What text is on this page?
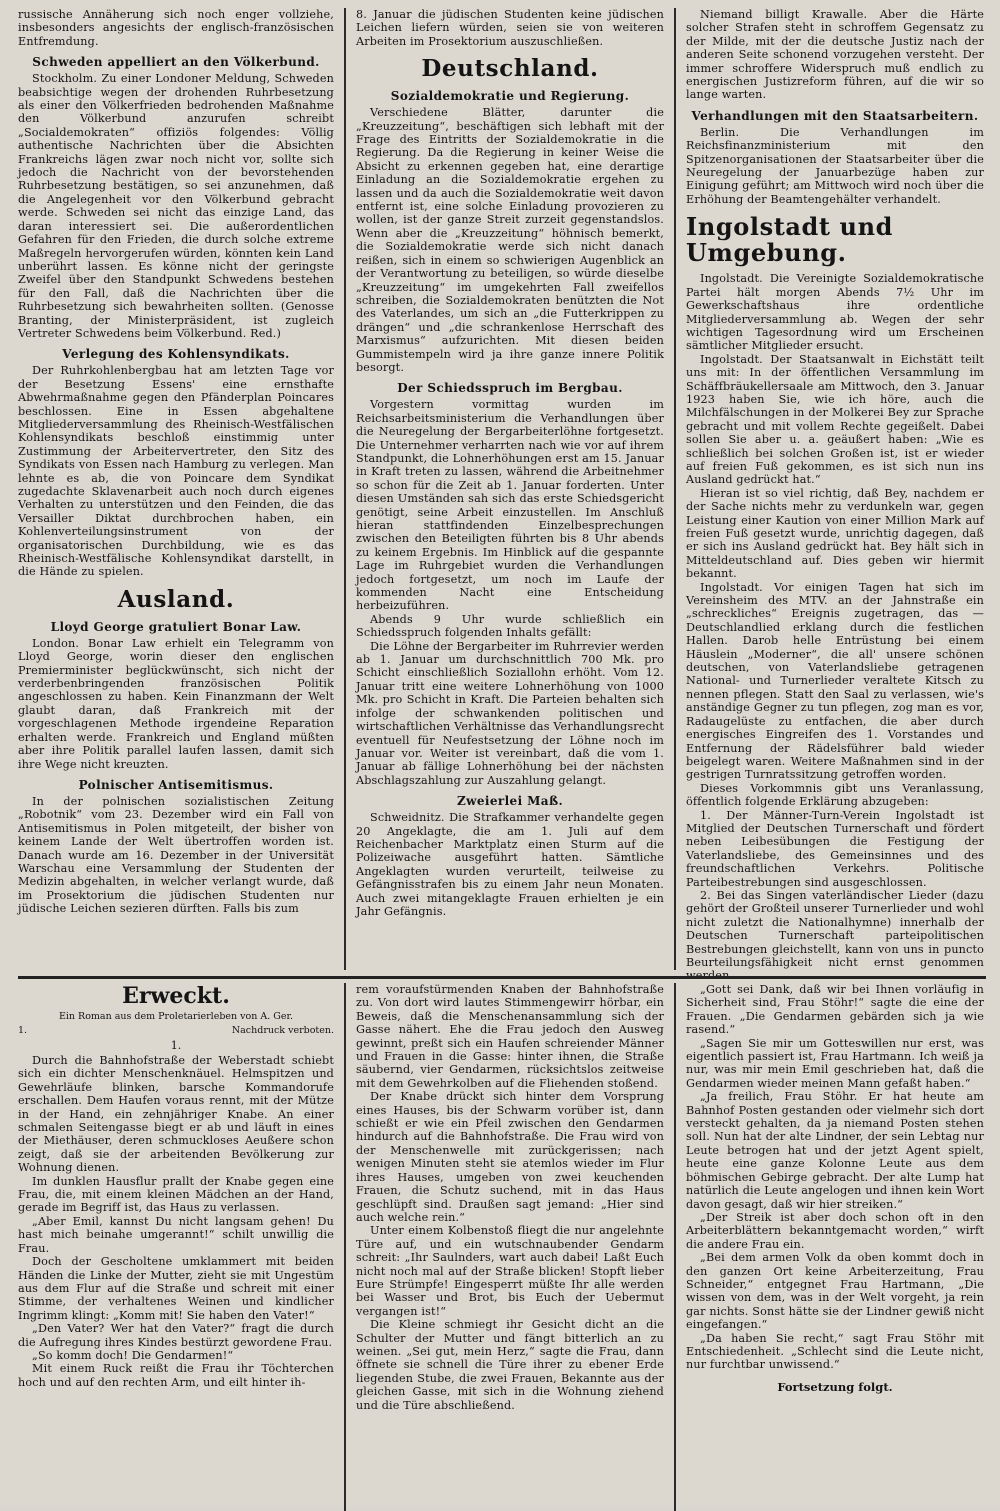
russische Annäherung sich noch enger vollziehe, insbesonders angesichts der englisch-französischen Entfremdung.

Schweden appelliert an den Völkerbund.

Stockholm. Zu einer Londoner Meldung, Schweden beabsichtige wegen der drohenden Ruhrbesetzung als einer den Völkerfrieden bedrohenden Maßnahme den Völkerbund anzurufen schreibt „Socialdemokraten“ offiziös folgendes: Völlig authentische Nachrichten über die Absichten Frankreichs lägen zwar noch nicht vor, sollte sich jedoch die Nachricht von der bevorstehenden Ruhrbesetzung bestätigen, so sei anzunehmen, daß die Angelegenheit vor den Völkerbund gebracht werde. Schweden sei nicht das einzige Land, das daran interessiert sei. Die außerordentlichen Gefahren für den Frieden, die durch solche extreme Maßregeln hervorgerufen würden, könnten kein Land unberührt lassen. Es könne nicht der geringste Zweifel über den Standpunkt Schwedens bestehen für den Fall, daß die Nachrichten über die Ruhrbesetzung sich bewahrheiten sollten. (Genosse Branting, der Ministerpräsident, ist zugleich Vertreter Schwedens beim Völkerbund. Red.)

Verlegung des Kohlensyndikats.

Der Ruhrkohlenbergbau hat am letzten Tage vor der Besetzung Essens' eine ernsthafte Abwehrmaßnahme gegen den Pfänderplan Poincares beschlossen. Eine in Essen abgehaltene Mitgliederversammlung des Rheinisch-Westfälischen Kohlensyndikats beschloß einstimmig unter Zustimmung der Arbeitervertreter, den Sitz des Syndikats von Essen nach Hamburg zu verlegen. Man lehnte es ab, die von Poincare dem Syndikat zugedachte Sklavenarbeit auch noch durch eigenes Verhalten zu unterstützen und den Feinden, die das Versailler Diktat durchbrochen haben, ein Kohlenverteilungsinstrument von der organisatorischen Durchbildung, wie es das Rheinisch-Westfälische Kohlensyndikat darstellt, in die Hände zu spielen.

Ausland.
Lloyd George gratuliert Bonar Law.

London. Bonar Law erhielt ein Telegramm von Lloyd George, worin dieser den englischen Premierminister beglückwünscht, sich nicht der verderbenbringenden französischen Politik angeschlossen zu haben. Kein Finanzmann der Welt glaubt daran, daß Frankreich mit der vorgeschlagenen Methode irgendeine Reparation erhalten werde. Frankreich und England müßten aber ihre Politik parallel laufen lassen, damit sich ihre Wege nicht kreuzten.

Polnischer Antisemitismus.

In der polnischen sozialistischen Zeitung „Robotnik“ vom 23. Dezember wird ein Fall von Antisemitismus in Polen mitgeteilt, der bisher von keinem Lande der Welt übertroffen worden ist. Danach wurde am 16. Dezember in der Universität Warschau eine Versammlung der Studenten der Medizin abgehalten, in welcher verlangt wurde, daß im Prosektorium die jüdischen Studenten nur jüdische Leichen sezieren dürften. Falls bis zum

8. Januar die jüdischen Studenten keine jüdischen Leichen liefern würden, seien sie von weiteren Arbeiten im Prosektorium auszuschließen.

Deutschland.
Sozialdemokratie und Regierung.

Verschiedene Blätter, darunter die „Kreuzzeitung“, beschäftigen sich lebhaft mit der Frage des Eintritts der Sozialdemokratie in die Regierung. Da die Regierung in keiner Weise die Absicht zu erkennen gegeben hat, eine derartige Einladung an die Sozialdemokratie ergehen zu lassen und da auch die Sozialdemokratie weit davon entfernt ist, eine solche Einladung provozieren zu wollen, ist der ganze Streit zurzeit gegenstandslos. Wenn aber die „Kreuzzeitung“ höhnisch bemerkt, die Sozialdemokratie werde sich nicht danach reißen, sich in einem so schwierigen Augenblick an der Verantwortung zu beteiligen, so würde dieselbe „Kreuzzeitung“ im umgekehrten Fall zweifellos schreiben, die Sozialdemokraten benützten die Not des Vaterlandes, um sich an „die Futterkrippen zu drängen“ und „die schrankenlose Herrschaft des Marxismus“ aufzurichten. Mit diesen beiden Gummistempeln wird ja ihre ganze innere Politik besorgt.

Der Schiedsspruch im Bergbau.

Vorgestern vormittag wurden im Reichsarbeitsministerium die Verhandlungen über die Neuregelung der Bergarbeiterlöhne fortgesetzt. Die Unternehmer verharrten nach wie vor auf ihrem Standpunkt, die Lohnerhöhungen erst am 15. Januar in Kraft treten zu lassen, während die Arbeitnehmer so schon für die Zeit ab 1. Januar forderten. Unter diesen Umständen sah sich das erste Schiedsgericht genötigt, seine Arbeit einzustellen. Im Anschluß hieran stattfindenden Einzelbesprechungen zwischen den Beteiligten führten bis 8 Uhr abends zu keinem Ergebnis. Im Hinblick auf die gespannte Lage im Ruhrgebiet wurden die Verhandlungen jedoch fortgesetzt, um noch im Laufe der kommenden Nacht eine Entscheidung herbeizuführen.

Abends 9 Uhr wurde schließlich ein Schiedsspruch folgenden Inhalts gefällt:

Die Löhne der Bergarbeiter im Ruhrrevier werden ab 1. Januar um durchschnittlich 700 Mk. pro Schicht einschließlich Soziallohn erhöht. Vom 12. Januar tritt eine weitere Lohnerhöhung von 1000 Mk. pro Schicht in Kraft. Die Parteien behalten sich infolge der schwankenden politischen und wirtschaftlichen Verhältnisse das Verhandlungsrecht eventuell für Neufestsetzung der Löhne noch im Januar vor. Weiter ist vereinbart, daß die vom 1. Januar ab fällige Lohnerhöhung bei der nächsten Abschlagszahlung zur Auszahlung gelangt.

Zweierlei Maß.

Schweidnitz. Die Strafkammer verhandelte gegen 20 Angeklagte, die am 1. Juli auf dem Reichenbacher Marktplatz einen Sturm auf die Polizeiwache ausgeführt hatten. Sämtliche Angeklagten wurden verurteilt, teilweise zu Gefängnisstrafen bis zu einem Jahr neun Monaten. Auch zwei mitangeklagte Frauen erhielten je ein Jahr Gefängnis.

Niemand billigt Krawalle. Aber die Härte solcher Strafen steht in schroffem Gegensatz zu der Milde, mit der die deutsche Justiz nach der anderen Seite schonend vorzugehen versteht. Der immer schroffere Widerspruch muß endlich zu energischen Justizreform führen, auf die wir so lange warten.

Verhandlungen mit den Staatsarbeitern.

Berlin. Die Verhandlungen im Reichsfinanzministerium mit den Spitzenorganisationen der Staatsarbeiter über die Neuregelung der Januarbezüge haben zur Einigung geführt; am Mittwoch wird noch über die Erhöhung der Beamtengehälter verhandelt.

Ingolstadt und Umgebung.

Ingolstadt. Die Vereinigte Sozialdemokratische Partei hält morgen Abends 7½ Uhr im Gewerkschaftshaus ihre ordentliche Mitgliederversammlung ab. Wegen der sehr wichtigen Tagesordnung wird um Erscheinen sämtlicher Mitglieder ersucht.

Ingolstadt. Der Staatsanwalt in Eichstätt teilt uns mit: In der öffentlichen Versammlung im Schäffbräukellersaale am Mittwoch, den 3. Januar 1923 haben Sie, wie ich höre, auch die Milchfälschungen in der Molkerei Bey zur Sprache gebracht und mit vollem Rechte gegeißelt. Dabei sollen Sie aber u. a. geäußert haben: „Wie es schließlich bei solchen Großen ist, ist er wieder auf freien Fuß gekommen, es ist sich nun ins Ausland gedrückt hat.“

Hieran ist so viel richtig, daß Bey, nachdem er der Sache nichts mehr zu verdunkeln war, gegen Leistung einer Kaution von einer Million Mark auf freien Fuß gesetzt wurde, unrichtig dagegen, daß er sich ins Ausland gedrückt hat. Bey hält sich in Mitteldeutschland auf. Dies geben wir hiermit bekannt.

Ingolstadt. Vor einigen Tagen hat sich im Vereinsheim des MTV. an der Jahnstraße ein „schreckliches“ Ereignis zugetragen, das — Deutschlandlied erklang durch die festlichen Hallen. Darob helle Entrüstung bei einem Häuslein „Moderner“, die all' unsere schönen deutschen, von Vaterlandsliebe getragenen National- und Turnerlieder veraltete Kitsch zu nennen pflegen. Statt den Saal zu verlassen, wie's anständige Gegner zu tun pflegen, zog man es vor, Radaugelüste zu entfachen, die aber durch energisches Eingreifen des 1. Vorstandes und Entfernung der Rädelsführer bald wieder beigelegt waren. Weitere Maßnahmen sind in der gestrigen Turnratssitzung getroffen worden.

Dieses Vorkommnis gibt uns Veranlassung, öffentlich folgende Erklärung abzugeben:

1. Der Männer-Turn-Verein Ingolstadt ist Mitglied der Deutschen Turnerschaft und fördert neben Leibesübungen die Festigung der Vaterlandsliebe, des Gemeinsinnes und des freundschaftlichen Verkehrs. Politische Parteibestrebungen sind ausgeschlossen.

2. Bei das Singen vaterländischer Lieder (dazu gehört der Großteil unserer Turnerlieder und wohl nicht zuletzt die Nationalhymne) innerhalb der Deutschen Turnerschaft parteipolitischen Bestrebungen gleichstellt, kann von uns in puncto Beurteilungsfähigkeit nicht ernst genommen werden.

Erweckt.
Ein Roman aus dem Proletarierleben von A. Ger.
1.	Nachdruck verboten.
1.

Durch die Bahnhofstraße der Weberstadt schiebt sich ein dichter Menschenknäuel. Helmspitzen und Gewehrläufe blinken, barsche Kommandorufe erschallen. Dem Haufen voraus rennt, mit der Mütze in der Hand, ein zehnjähriger Knabe. An einer schmalen Seitengasse biegt er ab und läuft in eines der Miethäuser, deren schmuckloses Aeußere schon zeigt, daß sie der arbeitenden Bevölkerung zur Wohnung dienen.

Im dunklen Hausflur prallt der Knabe gegen eine Frau, die, mit einem kleinen Mädchen an der Hand, gerade im Begriff ist, das Haus zu verlassen.

„Aber Emil, kannst Du nicht langsam gehen! Du hast mich beinahe umgerannt!“ schilt unwillig die Frau.

Doch der Gescholtene umklammert mit beiden Händen die Linke der Mutter, zieht sie mit Ungestüm aus dem Flur auf die Straße und schreit mit einer Stimme, der verhaltenes Weinen und kindlicher Ingrimm klingt: „Komm mit! Sie haben den Vater!“

„Den Vater? Wer hat den Vater?“ fragt die durch die Aufregung ihres Kindes bestürzt gewordene Frau.

„So komm doch! Die Gendarmen!“

Mit einem Ruck reißt die Frau ihr Töchterchen hoch und auf den rechten Arm, und eilt hinter ih-

rem voraufstürmenden Knaben der Bahnhofstraße zu. Von dort wird lautes Stimmengewirr hörbar, ein Beweis, daß die Menschenansammlung sich der Gasse nähert. Ehe die Frau jedoch den Ausweg gewinnt, preßt sich ein Haufen schreiender Männer und Frauen in die Gasse: hinter ihnen, die Straße säubernd, vier Gendarmen, rücksichtslos zeitweise mit dem Gewehrkolben auf die Fliehenden stoßend.

Der Knabe drückt sich hinter dem Vorsprung eines Hauses, bis der Schwarm vorüber ist, dann schießt er wie ein Pfeil zwischen den Gendarmen hindurch auf die Bahnhofstraße. Die Frau wird von der Menschenwelle mit zurückgerissen; nach wenigen Minuten steht sie atemlos wieder im Flur ihres Hauses, umgeben von zwei keuchenden Frauen, die Schutz suchend, mit in das Haus geschlüpft sind. Draußen sagt jemand: „Hier sind auch welche rein.“

Unter einem Kolbenstoß fliegt die nur angelehnte Türe auf, und ein wutschnaubender Gendarm schreit: „Ihr Saulnders, wart auch dabei! Laßt Euch nicht noch mal auf der Straße blicken! Stopft lieber Eure Strümpfe! Eingesperrt müßte Ihr alle werden bei Wasser und Brot, bis Euch der Uebermut vergangen ist!“

Die Kleine schmiegt ihr Gesicht dicht an die Schulter der Mutter und fängt bitterlich an zu weinen. „Sei gut, mein Herz,“ sagte die Frau, dann öffnete sie schnell die Türe ihrer zu ebener Erde liegenden Stube, die zwei Frauen, Bekannte aus der gleichen Gasse, mit sich in die Wohnung ziehend und die Türe abschließend.

„Gott sei Dank, daß wir bei Ihnen vorläufig in Sicherheit sind, Frau Stöhr!“ sagte die eine der Frauen. „Die Gendarmen gebärden sich ja wie rasend.“

„Sagen Sie mir um Gotteswillen nur erst, was eigentlich passiert ist, Frau Hartmann. Ich weiß ja nur, was mir mein Emil geschrieben hat, daß die Gendarmen wieder meinen Mann gefaßt haben.“

„Ja freilich, Frau Stöhr. Er hat heute am Bahnhof Posten gestanden oder vielmehr sich dort versteckt gehalten, da ja niemand Posten stehen soll. Nun hat der alte Lindner, der sein Lebtag nur Leute betrogen hat und der jetzt Agent spielt, heute eine ganze Kolonne Leute aus dem böhmischen Gebirge gebracht. Der alte Lump hat natürlich die Leute angelogen und ihnen kein Wort davon gesagt, daß wir hier streiken.“

„Der Streik ist aber doch schon oft in den Arbeiterblättern bekanntgemacht worden,“ wirft die andere Frau ein.

„Bei dem armen Volk da oben kommt doch in den ganzen Ort keine Arbeiterzeitung, Frau Schneider,“ entgegnet Frau Hartmann, „Die wissen von dem, was in der Welt vorgeht, ja rein gar nichts. Sonst hätte sie der Lindner gewiß nicht eingefangen.“

„Da haben Sie recht,“ sagt Frau Stöhr mit Entschiedenheit. „Schlecht sind die Leute nicht, nur furchtbar unwissend.“

Fortsetzung folgt.
